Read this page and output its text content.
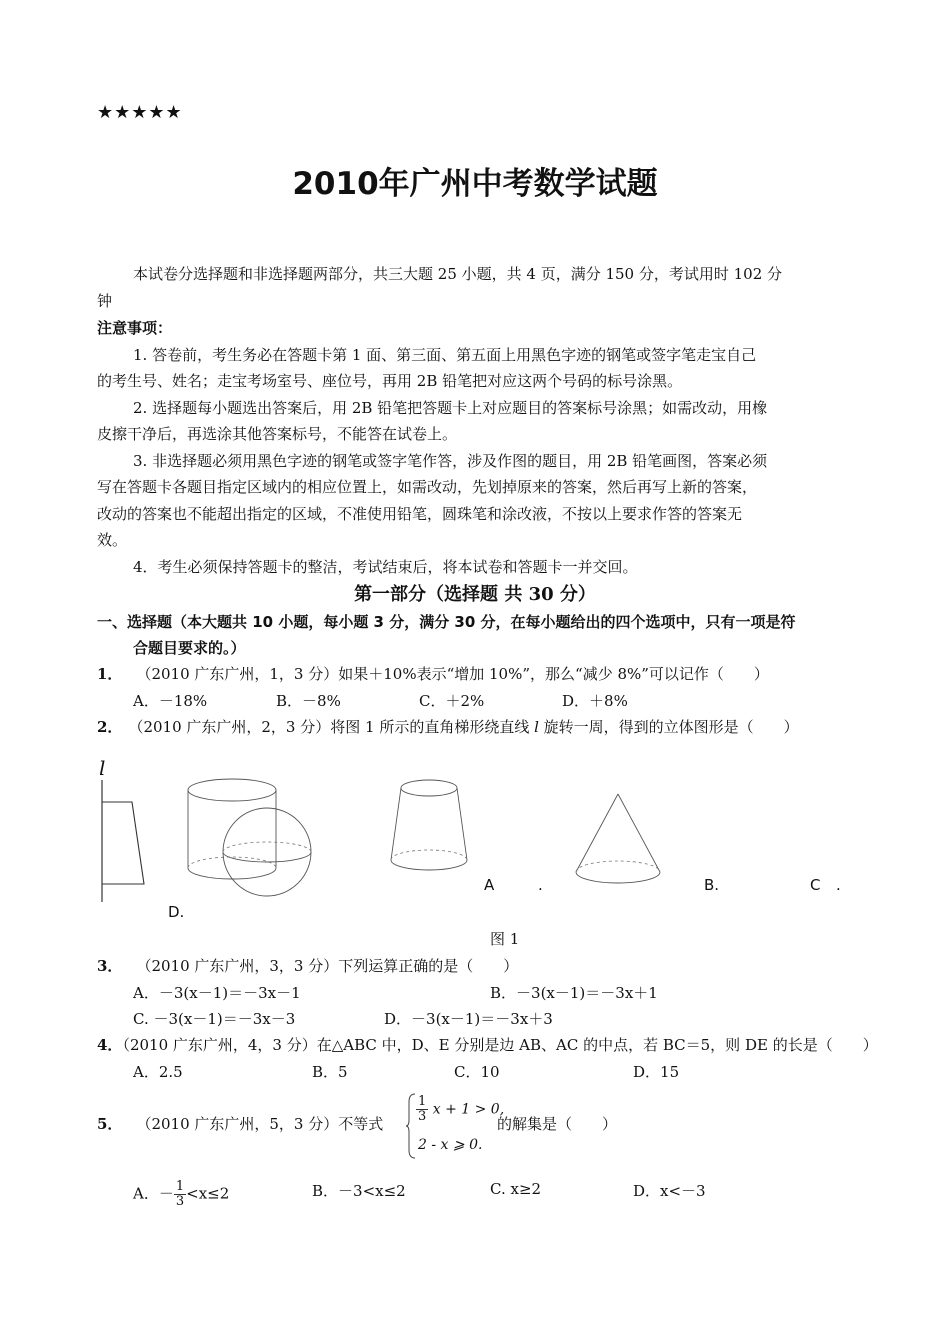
★★★★★
2010年广州中考数学试题
本试卷分选择题和非选择题两部分，共三大题 25 小题，共 4 页，满分 150 分，考试用时 102 分
钟
注意事项：
1. 答卷前，考生务必在答题卡第 1 面、第三面、第五面上用黑色字迹的钢笔或签字笔走宝自己
的考生号、姓名；走宝考场室号、座位号，再用 2B 铅笔把对应这两个号码的标号涂黑。
2. 选择题每小题选出答案后，用 2B 铅笔把答题卡上对应题目的答案标号涂黑；如需改动，用橡
皮擦干净后，再选涂其他答案标号，不能答在试卷上。
3. 非选择题必须用黑色字迹的钢笔或签字笔作答，涉及作图的题目，用 2B 铅笔画图，答案必须
写在答题卡各题目指定区域内的相应位置上，如需改动，先划掉原来的答案，然后再写上新的答案，
改动的答案也不能超出指定的区域，不准使用铅笔，圆珠笔和涂改液，不按以上要求作答的答案无
效。
4．考生必须保持答题卡的整洁，考试结束后，将本试卷和答题卡一并交回。
第一部分（选择题 共 30 分）
一、选择题（本大题共 10 小题，每小题 3 分，满分 30 分，在每小题给出的四个选项中，只有一项是符
合题目要求的。）
1． （2010 广东广州，1，3 分）如果＋10%表示“增加 10%”，那么“减少 8%”可以记作（　　）
A．－18%	B．－8%	C．＋2%	D．＋8%
2． （2010 广东广州，2，3 分）将图 1 所示的直角梯形绕直线 l 旋转一周，得到的立体图形是（　　）
l
A	.	B.	C .
D.
图 1
3． （2010 广东广州，3，3 分）下列运算正确的是（　　）
A．－3(x－1)＝－3x－1	B．－3(x－1)＝－3x＋1
C. －3(x－1)＝－3x－3	D．－3(x－1)＝－3x＋3
4．（2010 广东广州，4，3 分）在△ABC 中，D、E 分别是边 AB、AC 的中点，若 BC＝5，则 DE 的长是（　　）
A．2.5	B．5	C．10	D．15
5． （2010 广东广州，5，3 分）不等式	$\frac{1}{3}$ x + 1 > 0,
2 - x ⩾ 0.
的解集是（　　）
A．－ $\frac{1}{3} <x\le 2$	B．－3<x≤2	C. x≥2	D．x<－3
